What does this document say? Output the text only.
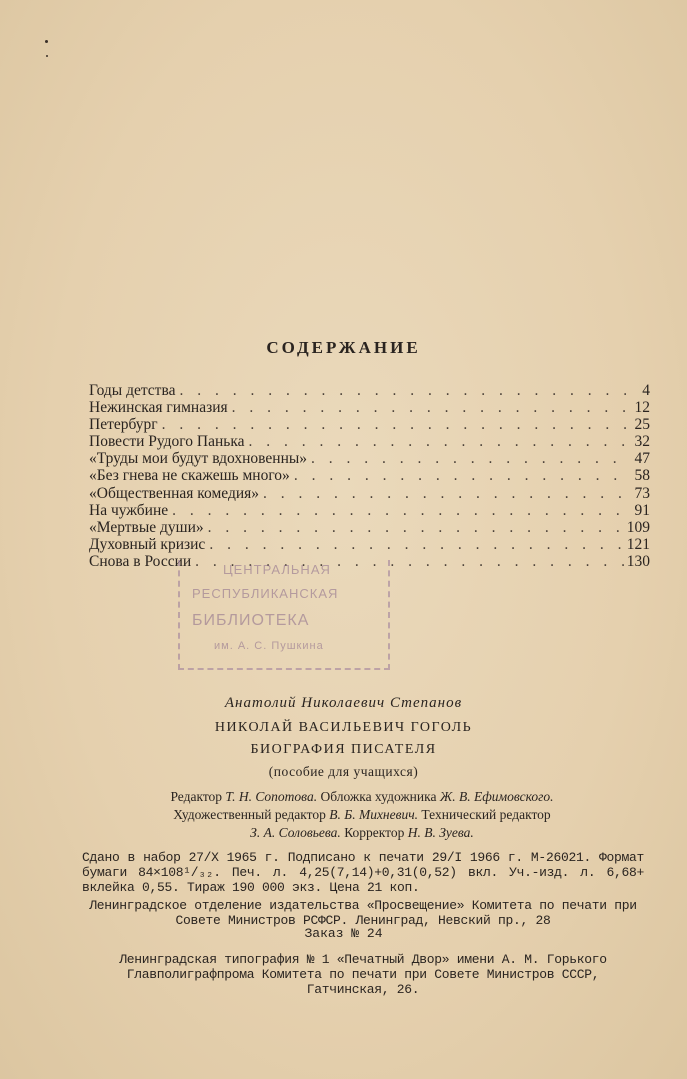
СОДЕРЖАНИЕ
Годы детства . . .	4
Нежинская гимназия . . .	12
Петербург . . .	25
Повести Рудого Панька . . .	32
«Труды мои будут вдохновенны» . . .	47
«Без гнева не скажешь много» . . .	58
«Общественная комедия» . . .	73
На чужбине . . .	91
«Мертвые души» . . .	109
Духовный кризис . . .	121
Снова в России . . .	130
ЦЕНТРАЛЬНАЯ
РЕСПУБЛИКАНСКАЯ
БИБЛИОТЕКА
им. А. С. Пушкина
Анатолий Николаевич Степанов
НИКОЛАЙ ВАСИЛЬЕВИЧ ГОГОЛЬ
БИОГРАФИЯ ПИСАТЕЛЯ
(пособие для учащихся)
Редактор Т. Н. Сопотова. Обложка художника Ж. В. Ефимовского.
Художественный редактор В. Б. Михневич. Технический редактор
З. А. Соловьева. Корректор Н. В. Зуева.
Сдано в набор 27/X 1965 г. Подписано к печати 29/I 1966 г. М-26021. Формат бумаги 84×108¹/₃₂. Печ. л. 4,25(7,14)+0,31(0,52) вкл. Уч.-изд. л. 6,68+ вклейка 0,55. Тираж 190 000 экз. Цена 21 коп.
Ленинградское отделение издательства «Просвещение» Комитета по печати при Совете Министров РСФСР. Ленинград, Невский пр., 28
Заказ № 24
Ленинградская типография № 1 «Печатный Двор» имени А. М. Горького Главполиграфпрома Комитета по печати при Совете Министров СССР, Гатчинская, 26.
